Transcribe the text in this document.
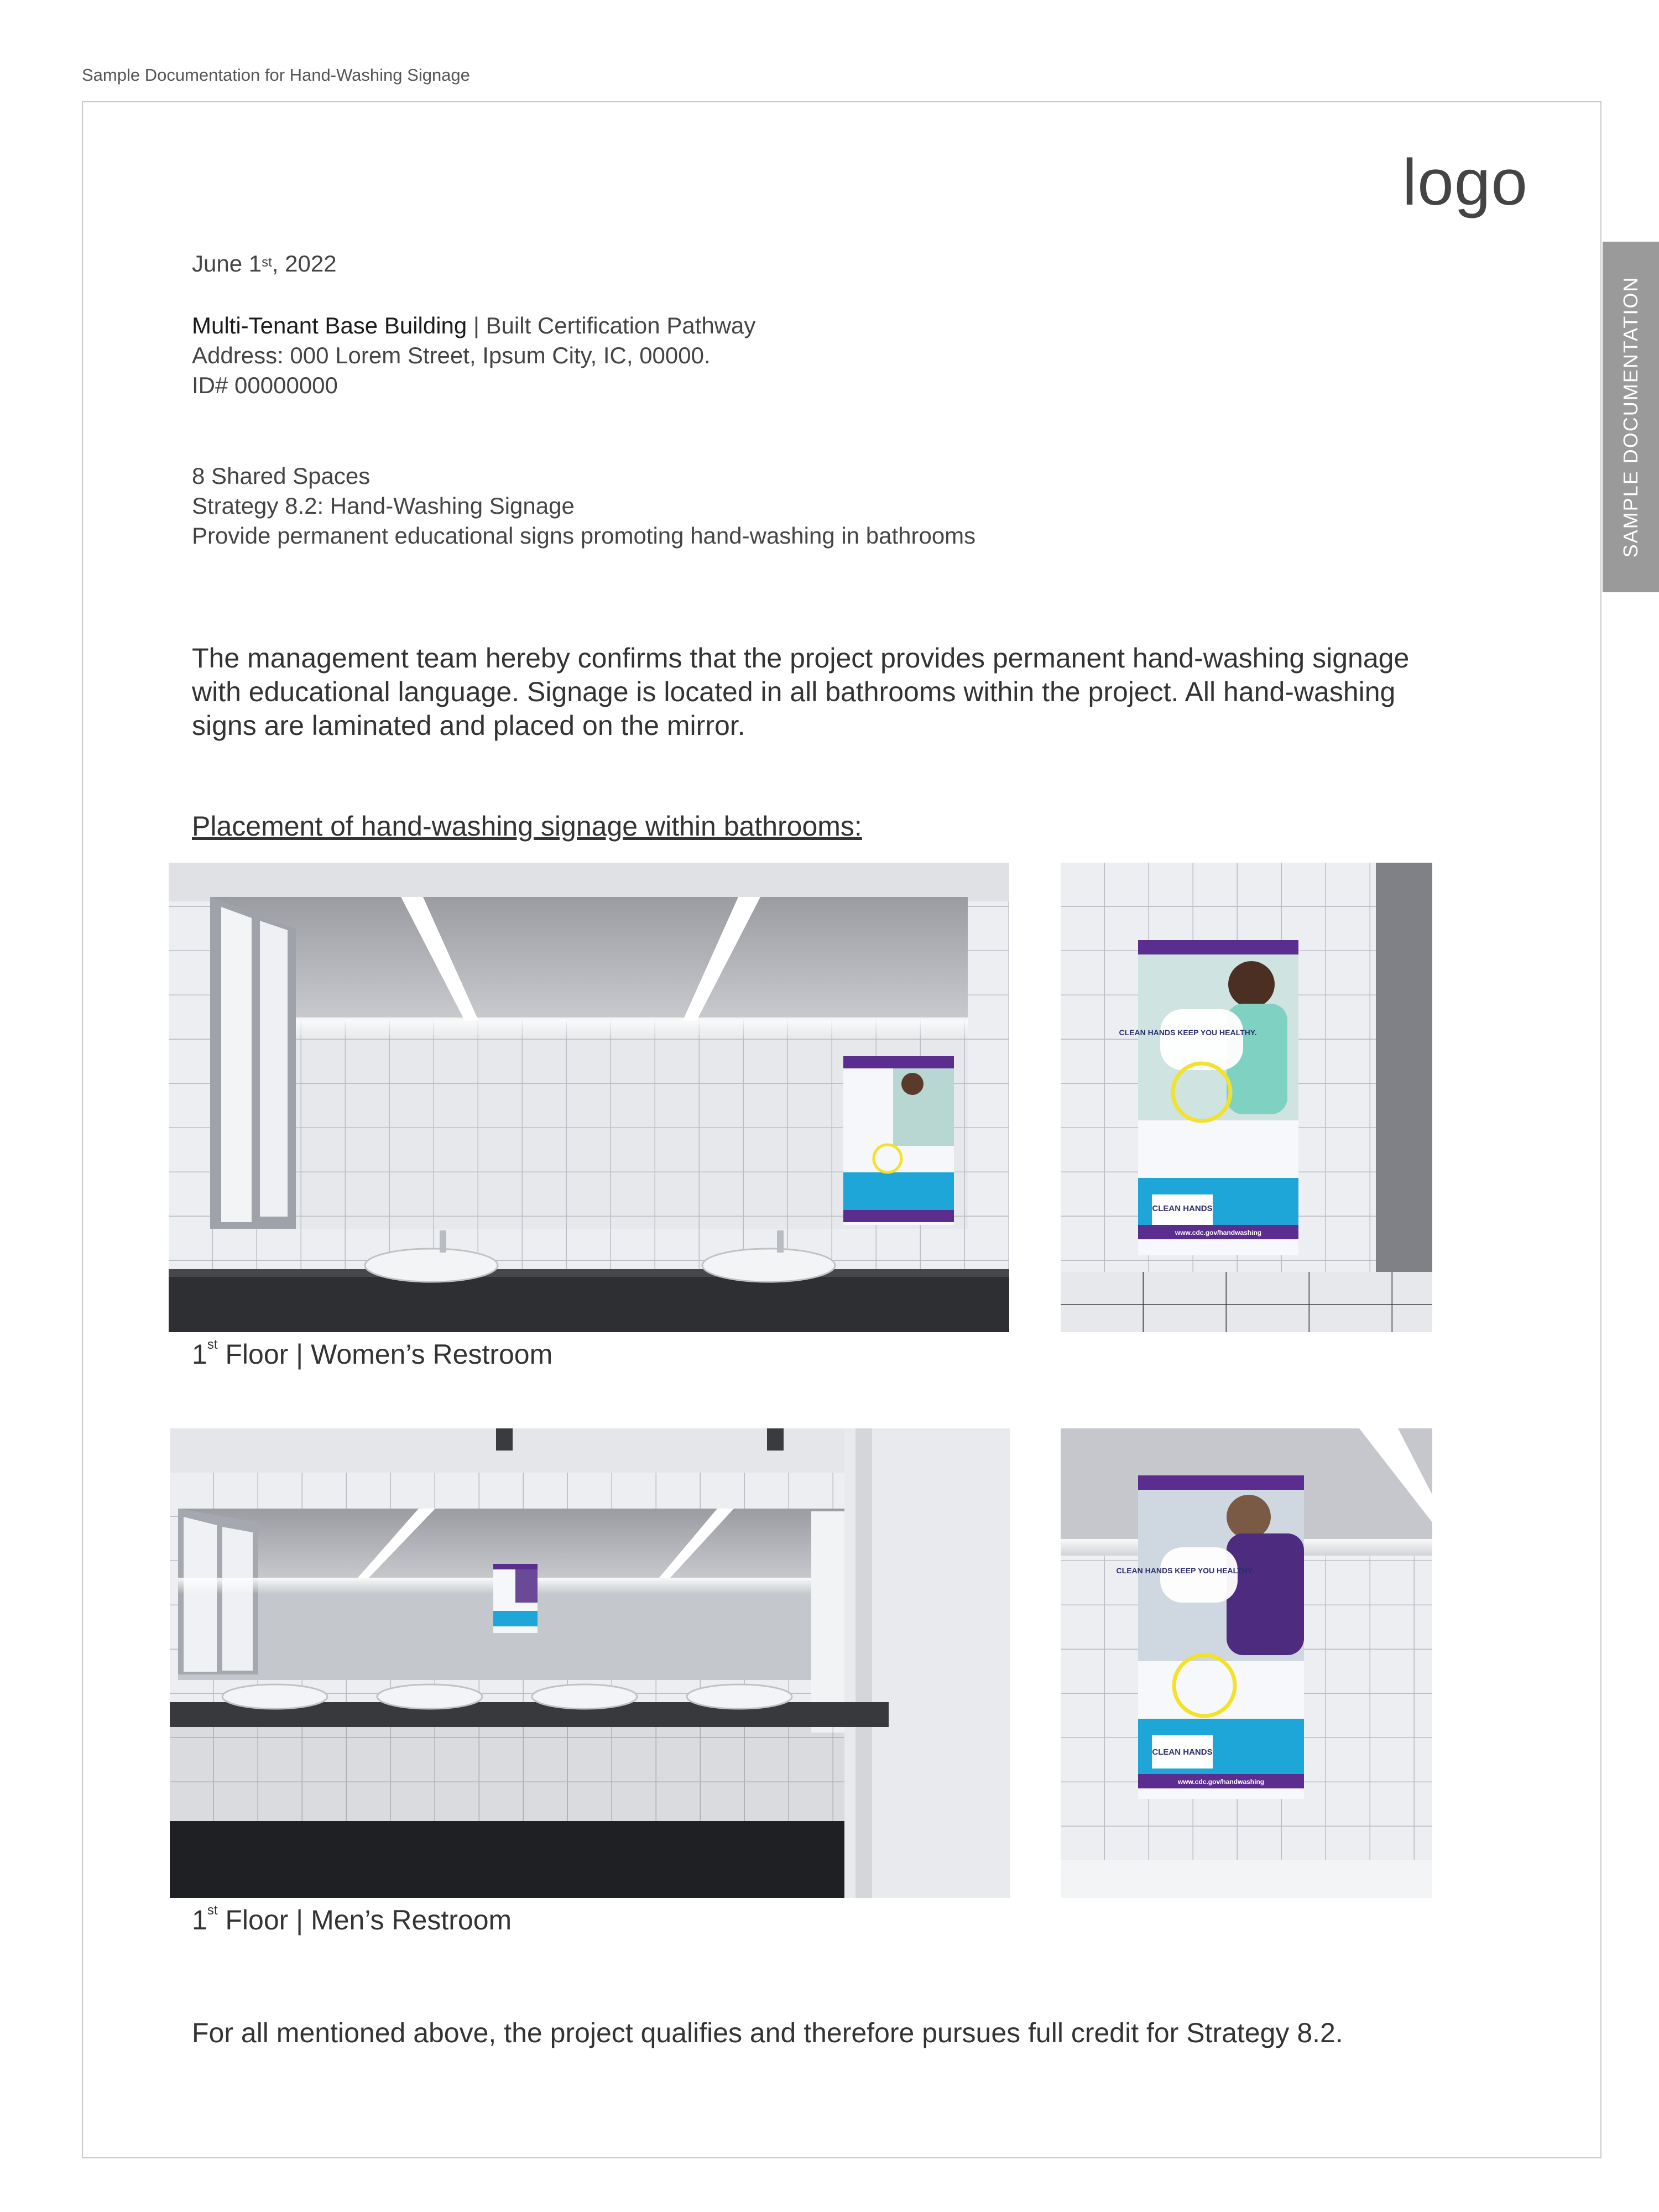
Sample Documentation for Hand-Washing Signage
logo
SAMPLE DOCUMENTATION
June 1st, 2022
Multi-Tenant Base Building | Built Certification Pathway
Address: 000 Lorem Street, Ipsum City, IC, 00000.
ID# 00000000
8 Shared Spaces
Strategy 8.2: Hand-Washing Signage
Provide permanent educational signs promoting hand-washing in bathrooms
The management team hereby confirms that the project provides permanent hand-washing signage with educational language. Signage is located in all bathrooms within the project. All hand-washing signs are laminated and placed on the mirror.
Placement of hand-washing signage within bathrooms:
CLEAN HANDS KEEP YOU HEALTHY.
CLEAN HANDS
www.cdc.gov/handwashing
1st Floor | Women’s Restroom
CLEAN HANDS KEEP YOU HEALTHY.
CLEAN HANDS
www.cdc.gov/handwashing
1st Floor | Men’s Restroom
For all mentioned above, the project qualifies and therefore pursues full credit for Strategy 8.2.
